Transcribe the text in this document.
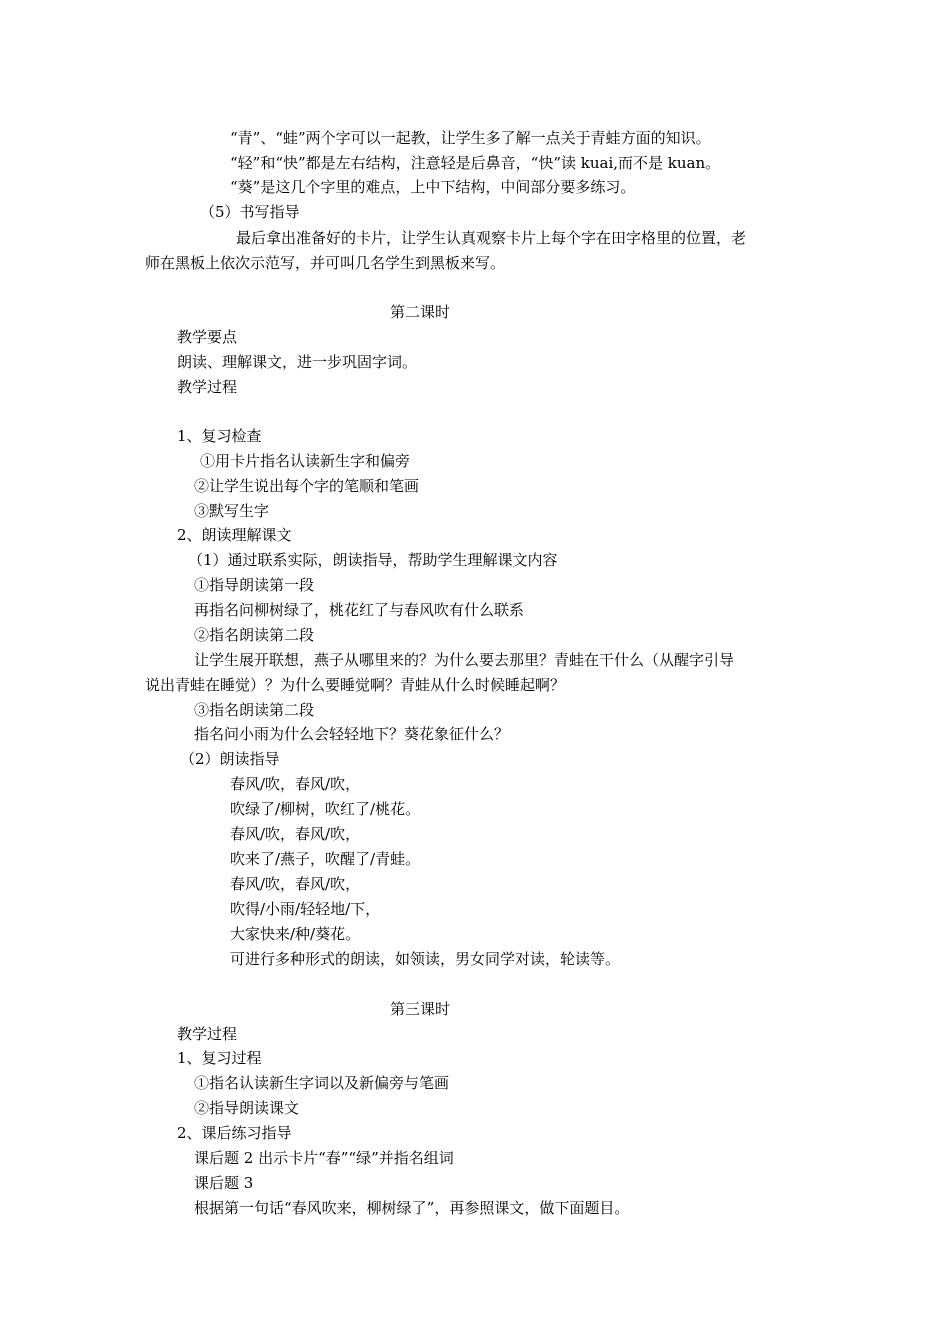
“青”、“蛙”两个字可以一起教，让学生多了解一点关于青蛙方面的知识。

“轻”和“快”都是左右结构，注意轻是后鼻音，“快”读 kuai,而不是 kuan。

“葵”是这几个字里的难点，上中下结构，中间部分要多练习。

（5）书写指导

最后拿出准备好的卡片，让学生认真观察卡片上每个字在田字格里的位置，老

师在黑板上依次示范写，并可叫几名学生到黑板来写。

第二课时

教学要点

朗读、理解课文，进一步巩固字词。

教学过程

1、复习检查

①用卡片指名认读新生字和偏旁

②让学生说出每个字的笔顺和笔画

③默写生字

2、朗读理解课文

（1）通过联系实际，朗读指导，帮助学生理解课文内容

①指导朗读第一段

再指名问柳树绿了，桃花红了与春风吹有什么联系

②指名朗读第二段

让学生展开联想，燕子从哪里来的？为什么要去那里？青蛙在干什么（从醒字引导

说出青蛙在睡觉）？为什么要睡觉啊？青蛙从什么时候睡起啊？

③指名朗读第二段

指名问小雨为什么会轻轻地下？葵花象征什么？

（2）朗读指导

春风/吹，春风/吹，

吹绿了/柳树，吹红了/桃花。

春风/吹，春风/吹，

吹来了/燕子，吹醒了/青蛙。

春风/吹，春风/吹，

吹得/小雨/轻轻地/下，

大家快来/种/葵花。

可进行多种形式的朗读，如领读，男女同学对读，轮读等。

第三课时

教学过程

1、复习过程

①指名认读新生字词以及新偏旁与笔画

②指导朗读课文

2、课后练习指导

课后题 2 出示卡片“春”“绿”并指名组词

课后题 3

根据第一句话“春风吹来，柳树绿了”，再参照课文，做下面题目。
